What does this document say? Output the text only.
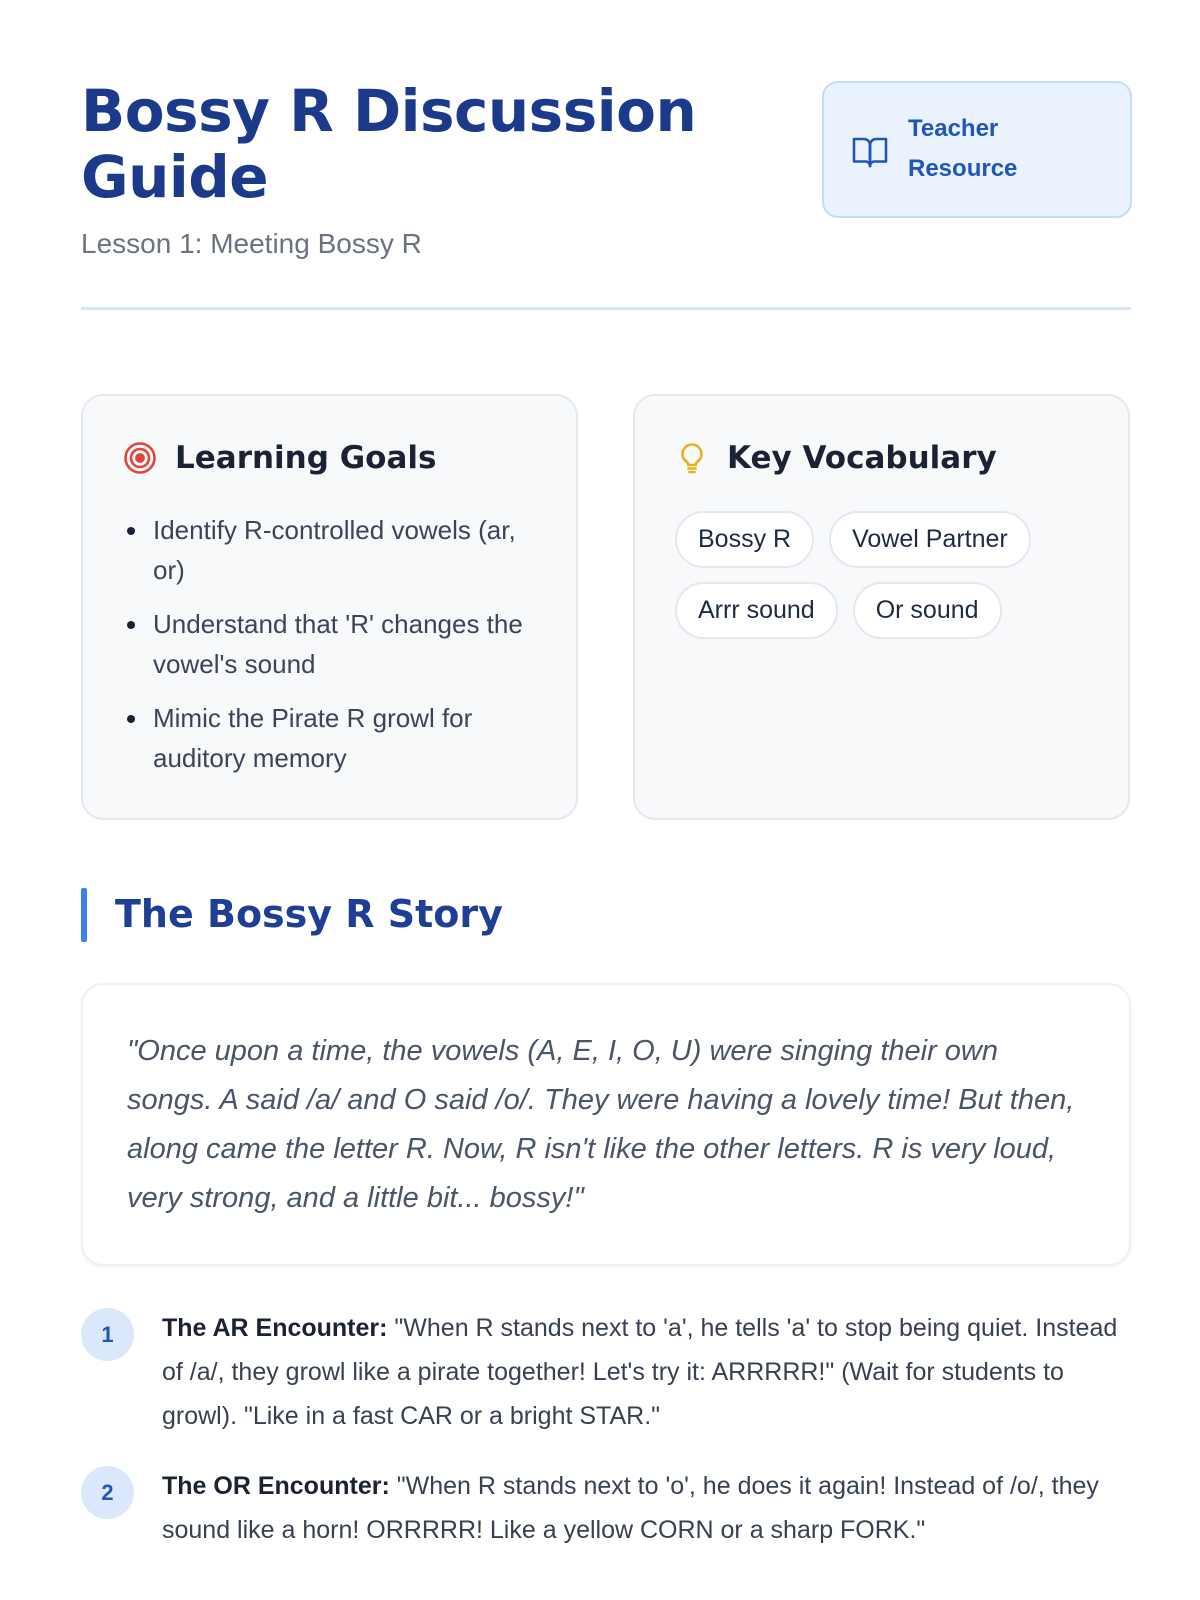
Bossy R Discussion Guide
Lesson 1: Meeting Bossy R
Teacher Resource
Learning Goals
Identify R-controlled vowels (ar, or)
Understand that 'R' changes the vowel's sound
Mimic the Pirate R growl for auditory memory
Key Vocabulary
Bossy R	Vowel Partner
Arrr sound	Or sound
The Bossy R Story

"Once upon a time, the vowels (A, E, I, O, U) were singing their own songs. A said /a/ and O said /o/. They were having a lovely time! But then, along came the letter R. Now, R isn't like the other letters. R is very loud, very strong, and a little bit... bossy!"

1	The AR Encounter: "When R stands next to 'a', he tells 'a' to stop being quiet. Instead of /a/, they growl like a pirate together! Let's try it: ARRRRR!" (Wait for students to growl). "Like in a fast CAR or a bright STAR."

2	The OR Encounter: "When R stands next to 'o', he does it again! Instead of /o/, they sound like a horn! ORRRRR! Like a yellow CORN or a sharp FORK."
